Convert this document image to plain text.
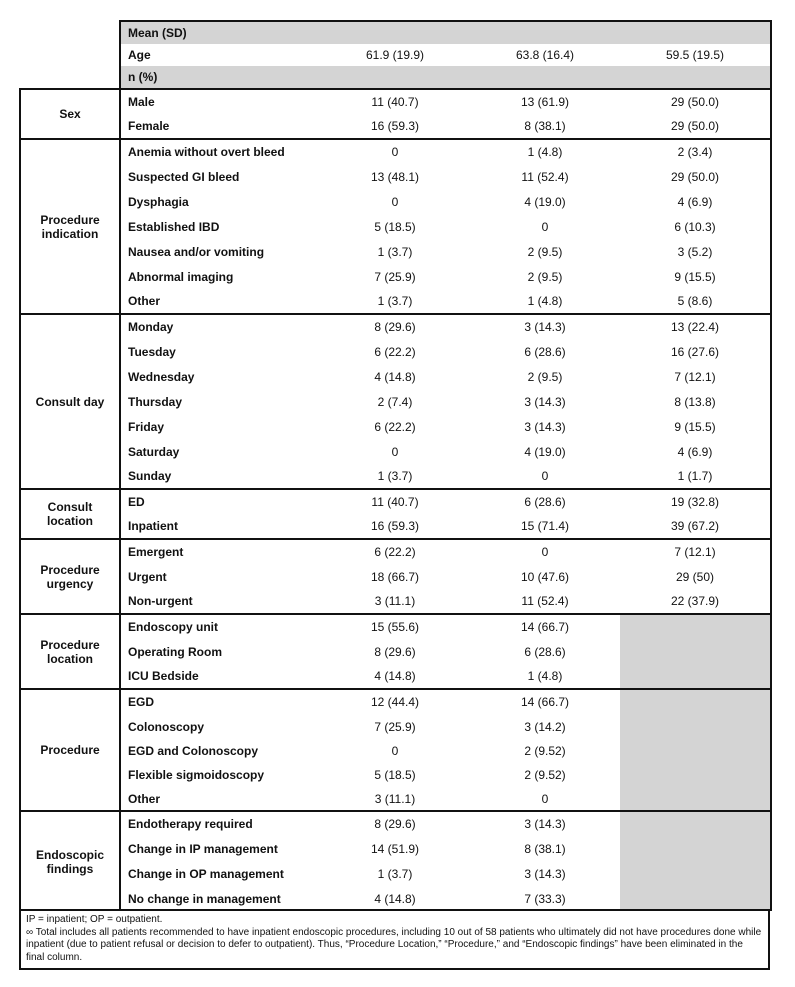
	Mean (SD)			
	Age	61.9 (19.9)	63.8 (16.4)	59.5 (19.5)
	n (%)			
Sex	Male	11 (40.7)	13 (61.9)	29 (50.0)
	Female	16 (59.3)	8 (38.1)	29 (50.0)
Procedure indication	Anemia without overt bleed	0	1 (4.8)	2 (3.4)
	Suspected GI bleed	13 (48.1)	11 (52.4)	29 (50.0)
	Dysphagia	0	4 (19.0)	4 (6.9)
	Established IBD	5 (18.5)	0	6 (10.3)
	Nausea and/or vomiting	1 (3.7)	2 (9.5)	3 (5.2)
	Abnormal imaging	7 (25.9)	2 (9.5)	9 (15.5)
	Other	1 (3.7)	1 (4.8)	5 (8.6)
Consult day	Monday	8 (29.6)	3 (14.3)	13 (22.4)
	Tuesday	6 (22.2)	6 (28.6)	16 (27.6)
	Wednesday	4 (14.8)	2 (9.5)	7 (12.1)
	Thursday	2 (7.4)	3 (14.3)	8 (13.8)
	Friday	6 (22.2)	3 (14.3)	9 (15.5)
	Saturday	0	4 (19.0)	4 (6.9)
	Sunday	1 (3.7)	0	1 (1.7)
Consult location	ED	11 (40.7)	6 (28.6)	19 (32.8)
	Inpatient	16 (59.3)	15 (71.4)	39 (67.2)
Procedure urgency	Emergent	6 (22.2)	0	7 (12.1)
	Urgent	18 (66.7)	10 (47.6)	29 (50)
	Non-urgent	3 (11.1)	11 (52.4)	22 (37.9)
Procedure location	Endoscopy unit	15 (55.6)	14 (66.7)	
	Operating Room	8 (29.6)	6 (28.6)	
	ICU Bedside	4 (14.8)	1 (4.8)	
Procedure	EGD	12 (44.4)	14 (66.7)	
	Colonoscopy	7 (25.9)	3 (14.2)	
	EGD and Colonoscopy	0	2 (9.52)	
	Flexible sigmoidoscopy	5 (18.5)	2 (9.52)	
	Other	3 (11.1)	0	
Endoscopic findings	Endotherapy required	8 (29.6)	3 (14.3)	
	Change in IP management	14 (51.9)	8 (38.1)	
	Change in OP management	1 (3.7)	3 (14.3)	
	No change in management	4 (14.8)	7 (33.3)	

IP = inpatient; OP = outpatient.

∞ Total includes all patients recommended to have inpatient endoscopic procedures, including 10 out of 58 patients who ultimately did not have procedures done while inpatient (due to patient refusal or decision to defer to outpatient). Thus, “Procedure Location,” “Procedure,” and “Endoscopic findings” have been eliminated in the final column.
